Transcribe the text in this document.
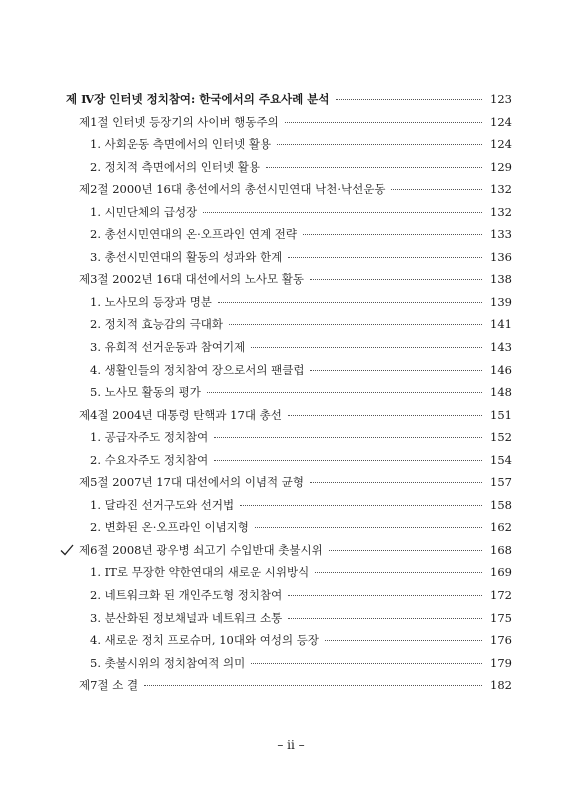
제 Ⅳ장 인터넷 정치참여: 한국에서의 주요사례 분석	123
제1절 인터넷 등장기의 사이버 행동주의	124
1. 사회운동 측면에서의 인터넷 활용	124
2. 정치적 측면에서의 인터넷 활용	129
제2절 2000년 16대 총선에서의 총선시민연대 낙천·낙선운동	132
1. 시민단체의 급성장	132
2. 총선시민연대의 온·오프라인 연계 전략	133
3. 총선시민연대의 활동의 성과와 한계	136
제3절 2002년 16대 대선에서의 노사모 활동	138
1. 노사모의 등장과 명분	139
2. 정치적 효능감의 극대화	141
3. 유희적 선거운동과 참여기제	143
4. 생활인들의 정치참여 장으로서의 팬클럽	146
5. 노사모 활동의 평가	148
제4절 2004년 대통령 탄핵과 17대 총선	151
1. 공급자주도 정치참여	152
2. 수요자주도 정치참여	154
제5절 2007년 17대 대선에서의 이념적 균형	157
1. 달라진 선거구도와 선거법	158
2. 변화된 온·오프라인 이념지형	162
제6절 2008년 광우병 쇠고기 수입반대 촛불시위	168
1. IT로 무장한 약한연대의 새로운 시위방식	169
2. 네트워크화 된 개인주도형 정치참여	172
3. 분산화된 정보채널과 네트워크 소통	175
4. 새로운 정치 프로슈머, 10대와 여성의 등장	176
5. 촛불시위의 정치참여적 의미	179
제7절 소 결	182
– ii –
